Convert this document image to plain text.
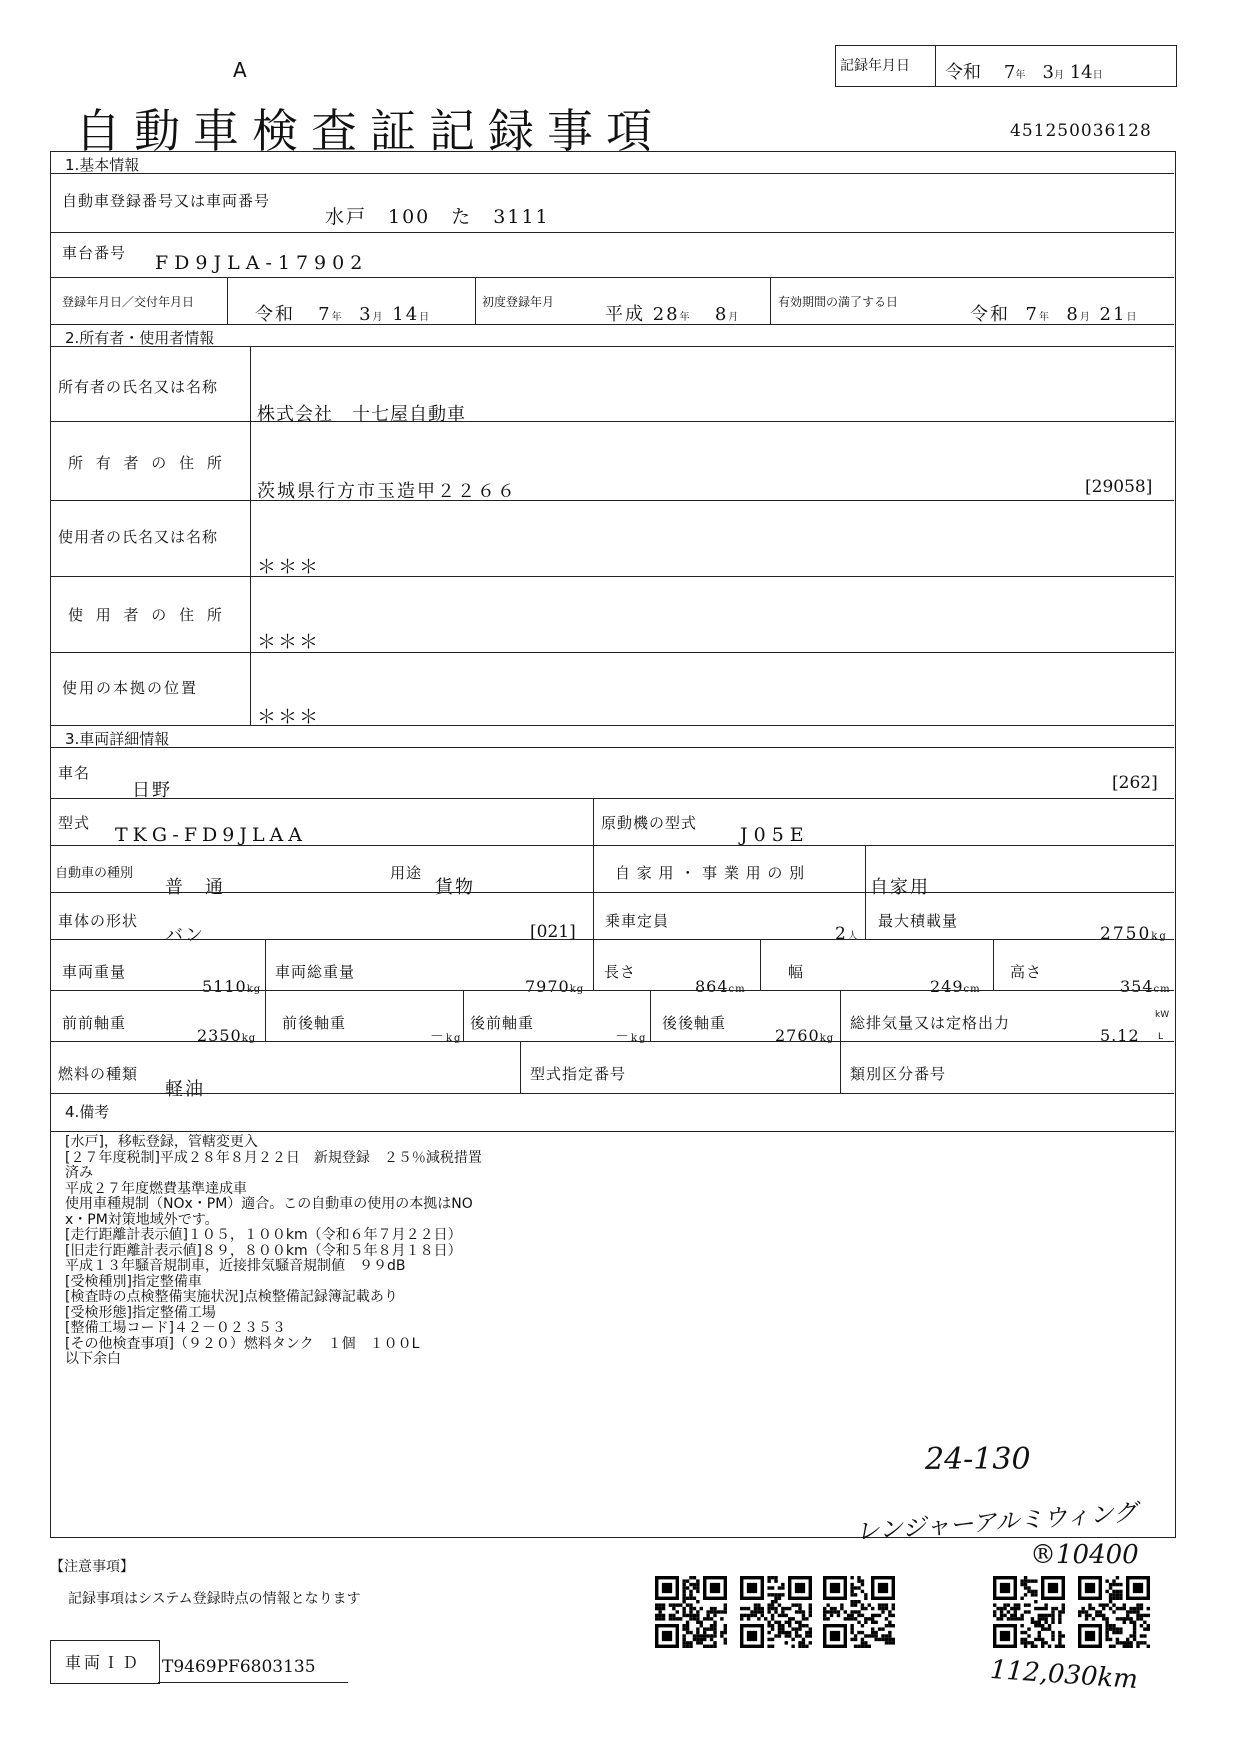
A
自動車検査証記録事項
記録年月日 令和 7年 3月 14日
451250036128
1.基本情報
自動車登録番号又は車両番号
水戸　100　た　3111
車台番号 FD9JLA-17902
登録年月日／交付年月日
令和 7年 3月 14日
初度登録年月
平成 28年 8月
有効期間の満了する日
令和 7年 8月 21日
2.所有者・使用者情報
所有者の氏名又は名称
株式会社　十七屋自動車
所 有 者 の 住 所
茨城県行方市玉造甲２２６６	[29058]
使用者の氏名又は名称
＊＊＊
使 用 者 の 住 所
＊＊＊
使用の本拠の位置
＊＊＊
3.車両詳細情報
車名
日野	[262]
型式
TKG-FD9JLAA
原動機の型式
J05E
自動車の種別
普　通
用途
貨物
自 家 用 ・ 事 業 用 の 別
自家用
車体の形状
バン	[021]
乗車定員
2人
最大積載量
2750kg
車両重量
5110kg
車両総重量
7970kg
長さ
864cm
幅
249cm
高さ
354cm
前前軸重
2350kg
前後軸重
－kg
後前軸重
－kg
後後軸重
2760kg
総排気量又は定格出力
5.12
kW
L
燃料の種類
軽油
型式指定番号	類別区分番号
4.備考
[水戸]，移転登録，管轄変更入
[２７年度税制]平成２８年８月２２日　新規登録　２５％減税措置
済み
平成２７年度燃費基準達成車
使用車種規制（NOx・PM）適合。この自動車の使用の本拠はNO
x・PM対策地域外です。
[走行距離計表示値]１０５，１００km（令和６年７月２２日）
[旧走行距離計表示値]８９，８００km（令和５年８月１８日）
平成１３年騒音規制車，近接排気騒音規制値　９９dB
[受検種別]指定整備車
[検査時の点検整備実施状況]点検整備記録簿記載あり
[受検形態]指定整備工場
[整備工場コード]４２－０２３５３
[その他検査事項]（９２０）燃料タンク　１個　１００L
以下余白
24-130
レンジャーアルミウィング
®10400
112,030km
【注意事項】
記録事項はシステム登録時点の情報となります
車両ＩＤ T9469PF6803135
